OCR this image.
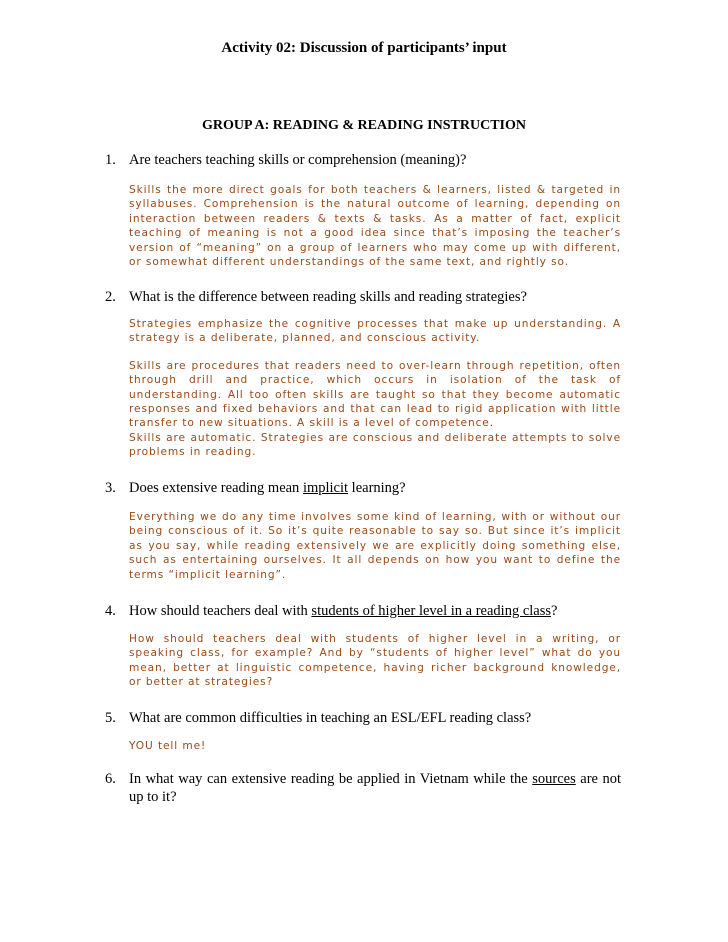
Activity 02: Discussion of participants’ input
GROUP A: READING & READING INSTRUCTION
1. Are teachers teaching skills or comprehension (meaning)?

Skills the more direct goals for both teachers & learners, listed & targeted in syllabuses. Comprehension is the natural outcome of learning, depending on interaction between readers & texts & tasks. As a matter of fact, explicit teaching of meaning is not a good idea since that’s imposing the teacher’s version of “meaning” on a group of learners who may come up with different, or somewhat different understandings of the same text, and rightly so.

2. What is the difference between reading skills and reading strategies?

Strategies emphasize the cognitive processes that make up understanding. A strategy is a deliberate, planned, and conscious activity.

Skills are procedures that readers need to over-learn through repetition, often through drill and practice, which occurs in isolation of the task of understanding. All too often skills are taught so that they become automatic responses and fixed behaviors and that can lead to rigid application with little transfer to new situations. A skill is a level of competence.

Skills are automatic. Strategies are conscious and deliberate attempts to solve problems in reading.

3. Does extensive reading mean implicit learning?

Everything we do any time involves some kind of learning, with or without our being conscious of it. So it’s quite reasonable to say so. But since it’s implicit as you say, while reading extensively we are explicitly doing something else, such as entertaining ourselves. It all depends on how you want to define the terms “implicit learning”.

4. How should teachers deal with students of higher level in a reading class?

How should teachers deal with students of higher level in a writing, or speaking class, for example? And by “students of higher level” what do you mean, better at linguistic competence, having richer background knowledge, or better at strategies?

5. What are common difficulties in teaching an ESL/EFL reading class?

YOU tell me!

6. In what way can extensive reading be applied in Vietnam while the sources are not up to it?
